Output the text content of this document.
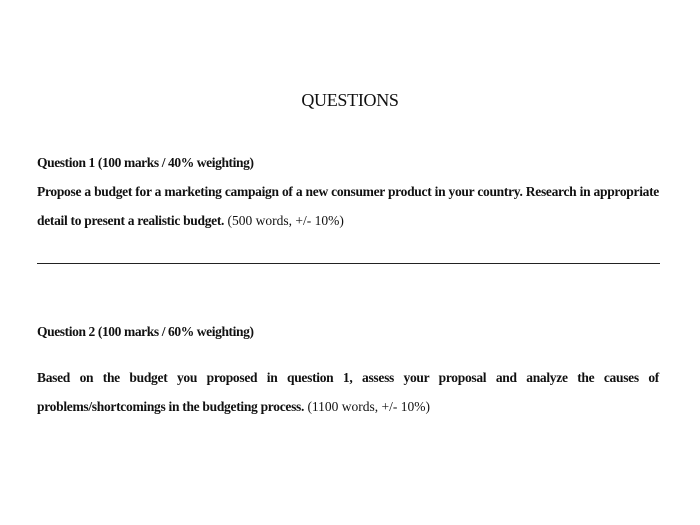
QUESTIONS
Question 1 (100 marks / 40% weighting)
Propose a budget for a marketing campaign of a new consumer product in your country. Research in appropriate detail to present a realistic budget. (500 words, +/- 10%)
Question 2 (100 marks / 60% weighting)
Based on the budget you proposed in question 1, assess your proposal and analyze the causes of problems/shortcomings in the budgeting process. (1100 words, +/- 10%)
